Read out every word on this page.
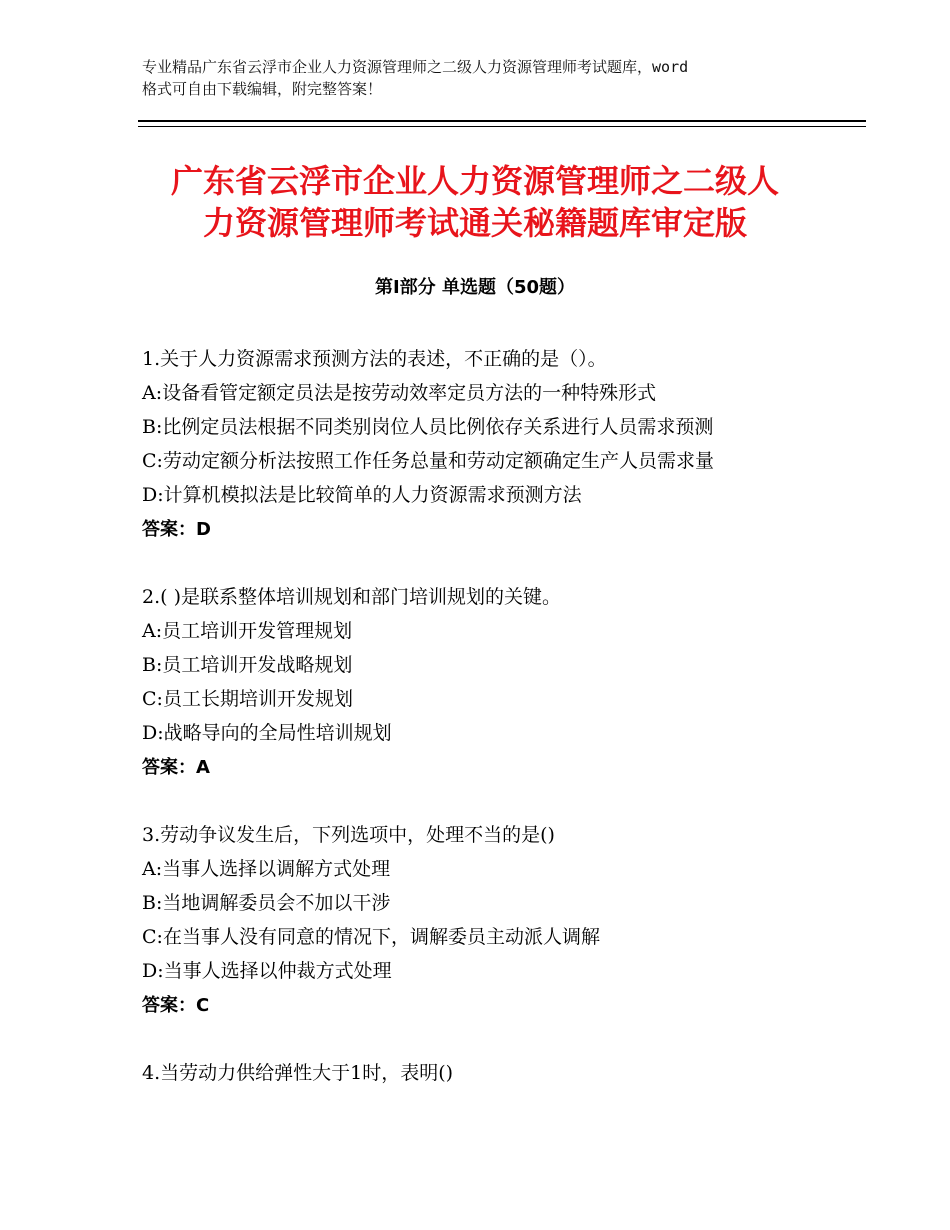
专业精品广东省云浮市企业人力资源管理师之二级人力资源管理师考试题库，word
格式可自由下载编辑，附完整答案！
广东省云浮市企业人力资源管理师之二级人
力资源管理师考试通关秘籍题库审定版
第Ⅰ部分 单选题（50题）
1.关于人力资源需求预测方法的表述，不正确的是（）。
A:设备看管定额定员法是按劳动效率定员方法的一种特殊形式
B:比例定员法根据不同类别岗位人员比例依存关系进行人员需求预测
C:劳动定额分析法按照工作任务总量和劳动定额确定生产人员需求量
D:计算机模拟法是比较简单的人力资源需求预测方法
答案：D
2.( )是联系整体培训规划和部门培训规划的关键。
A:员工培训开发管理规划
B:员工培训开发战略规划
C:员工长期培训开发规划
D:战略导向的全局性培训规划
答案：A
3.劳动争议发生后，下列选项中，处理不当的是()
A:当事人选择以调解方式处理
B:当地调解委员会不加以干涉
C:在当事人没有同意的情况下，调解委员主动派人调解
D:当事人选择以仲裁方式处理
答案：C
4.当劳动力供给弹性大于1时，表明()
